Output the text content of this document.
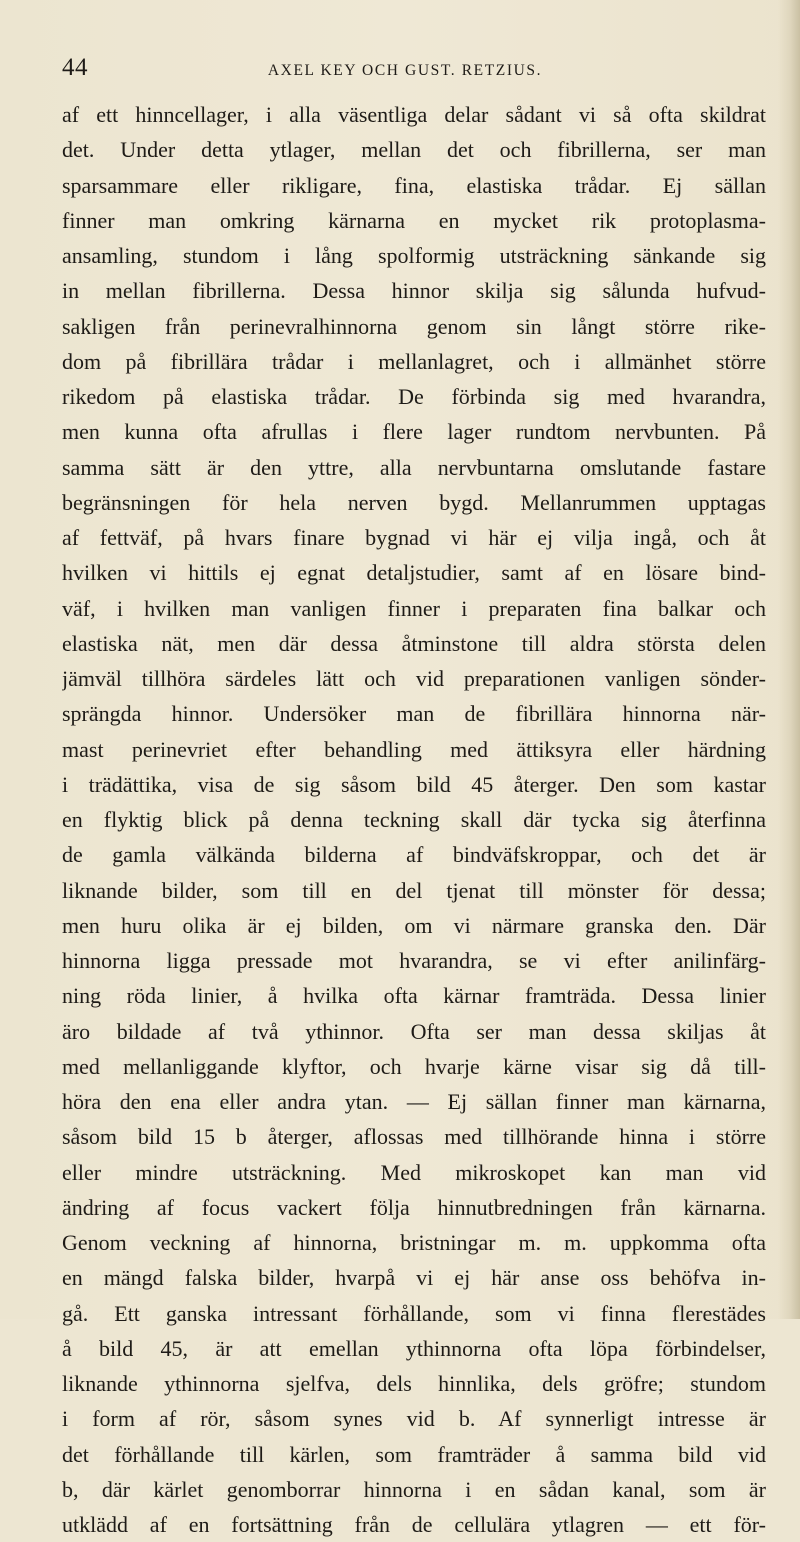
44	AXEL KEY OCH GUST. RETZIUS.
af ett hinncellager, i alla väsentliga delar sådant vi så ofta skildrat
det. Under detta ytlager, mellan det och fibrillerna, ser man
sparsammare eller rikligare, fina, elastiska trådar. Ej sällan
finner man omkring kärnarna en mycket rik protoplasma-
ansamling, stundom i lång spolformig utsträckning sänkande sig
in mellan fibrillerna. Dessa hinnor skilja sig sålunda hufvud-
sakligen från perinevralhinnorna genom sin långt större rike-
dom på fibrillära trådar i mellanlagret, och i allmänhet större
rikedom på elastiska trådar. De förbinda sig med hvarandra,
men kunna ofta afrullas i flere lager rundtom nervbunten. På
samma sätt är den yttre, alla nervbuntarna omslutande fastare
begränsningen för hela nerven bygd. Mellanrummen upptagas
af fettväf, på hvars finare bygnad vi här ej vilja ingå, och åt
hvilken vi hittils ej egnat detaljstudier, samt af en lösare bind-
väf, i hvilken man vanligen finner i preparaten fina balkar och
elastiska nät, men där dessa åtminstone till aldra största delen
jämväl tillhöra särdeles lätt och vid preparationen vanligen sönder-
sprängda hinnor. Undersöker man de fibrillära hinnorna när-
mast perinevriet efter behandling med ättiksyra eller härdning
i trädättika, visa de sig såsom bild 45 återger. Den som kastar
en flyktig blick på denna teckning skall där tycka sig återfinna
de gamla välkända bilderna af bindväfskroppar, och det är
liknande bilder, som till en del tjenat till mönster för dessa;
men huru olika är ej bilden, om vi närmare granska den. Där
hinnorna ligga pressade mot hvarandra, se vi efter anilinfärg-
ning röda linier, å hvilka ofta kärnar framträda. Dessa linier
äro bildade af två ythinnor. Ofta ser man dessa skiljas åt
med mellanliggande klyftor, och hvarje kärne visar sig då till-
höra den ena eller andra ytan. — Ej sällan finner man kärnarna,
såsom bild 15 b återger, aflossas med tillhörande hinna i större
eller mindre utsträckning. Med mikroskopet kan man vid
ändring af focus vackert följa hinnutbredningen från kärnarna.
Genom veckning af hinnorna, bristningar m. m. uppkomma ofta
en mängd falska bilder, hvarpå vi ej här anse oss behöfva in-
gå. Ett ganska intressant förhållande, som vi finna flerestädes
å bild 45, är att emellan ythinnorna ofta löpa förbindelser,
liknande ythinnorna sjelfva, dels hinnlika, dels gröfre; stundom
i form af rör, såsom synes vid b. Af synnerligt intresse är
det förhållande till kärlen, som framträder å samma bild vid
b, där kärlet genomborrar hinnorna i en sådan kanal, som är
utklädd af en fortsättning från de cellulära ytlagren — ett för-
